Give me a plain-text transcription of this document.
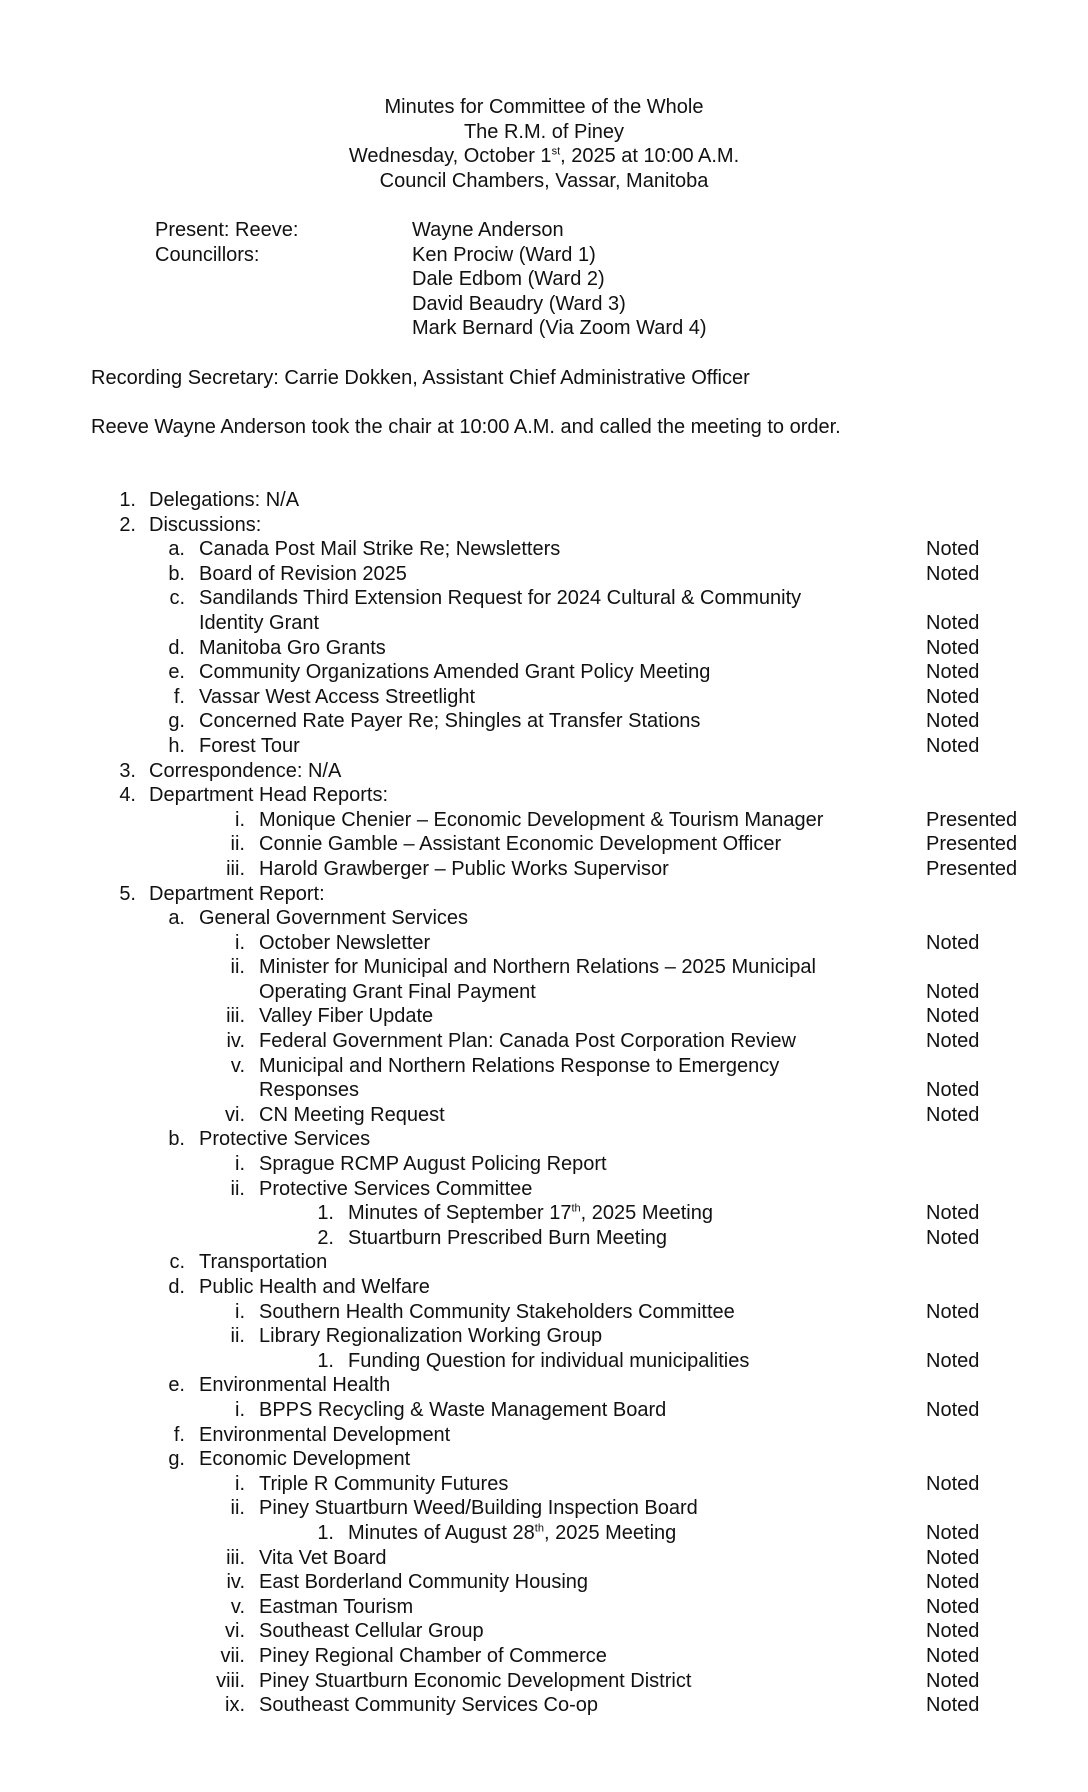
Minutes for Committee of the Whole
The R.M. of Piney
Wednesday, October 1st, 2025 at 10:00 A.M.
Council Chambers, Vassar, Manitoba
Present: Reeve:	Wayne Anderson
Councillors:	Ken Prociw (Ward 1)
Dale Edbom (Ward 2)
David Beaudry (Ward 3)
Mark Bernard (Via Zoom Ward 4)
Recording Secretary: Carrie Dokken, Assistant Chief Administrative Officer
Reeve Wayne Anderson took the chair at 10:00 A.M. and called the meeting to order.
1. Delegations: N/A
2. Discussions:
a. Canada Post Mail Strike Re; Newsletters	Noted
b. Board of Revision 2025	Noted
c. Sandilands Third Extension Request for 2024 Cultural & Community
Identity Grant	Noted
d. Manitoba Gro Grants	Noted
e. Community Organizations Amended Grant Policy Meeting	Noted
f. Vassar West Access Streetlight	Noted
g. Concerned Rate Payer Re; Shingles at Transfer Stations	Noted
h. Forest Tour	Noted
3. Correspondence: N/A
4. Department Head Reports:
i. Monique Chenier – Economic Development & Tourism Manager	Presented
ii. Connie Gamble – Assistant Economic Development Officer	Presented
iii. Harold Grawberger – Public Works Supervisor	Presented
5. Department Report:
a. General Government Services
i. October Newsletter	Noted
ii. Minister for Municipal and Northern Relations – 2025 Municipal
Operating Grant Final Payment	Noted
iii. Valley Fiber Update	Noted
iv. Federal Government Plan: Canada Post Corporation Review	Noted
v. Municipal and Northern Relations Response to Emergency
Responses	Noted
vi. CN Meeting Request	Noted
b. Protective Services
i. Sprague RCMP August Policing Report
ii. Protective Services Committee
1. Minutes of September 17th, 2025 Meeting	Noted
2. Stuartburn Prescribed Burn Meeting	Noted
c. Transportation
d. Public Health and Welfare
i. Southern Health Community Stakeholders Committee	Noted
ii. Library Regionalization Working Group
1. Funding Question for individual municipalities	Noted
e. Environmental Health
i. BPPS Recycling & Waste Management Board	Noted
f. Environmental Development
g. Economic Development
i. Triple R Community Futures	Noted
ii. Piney Stuartburn Weed/Building Inspection Board
1. Minutes of August 28th, 2025 Meeting	Noted
iii. Vita Vet Board	Noted
iv. East Borderland Community Housing	Noted
v. Eastman Tourism	Noted
vi. Southeast Cellular Group	Noted
vii. Piney Regional Chamber of Commerce	Noted
viii. Piney Stuartburn Economic Development District	Noted
ix. Southeast Community Services Co-op	Noted
